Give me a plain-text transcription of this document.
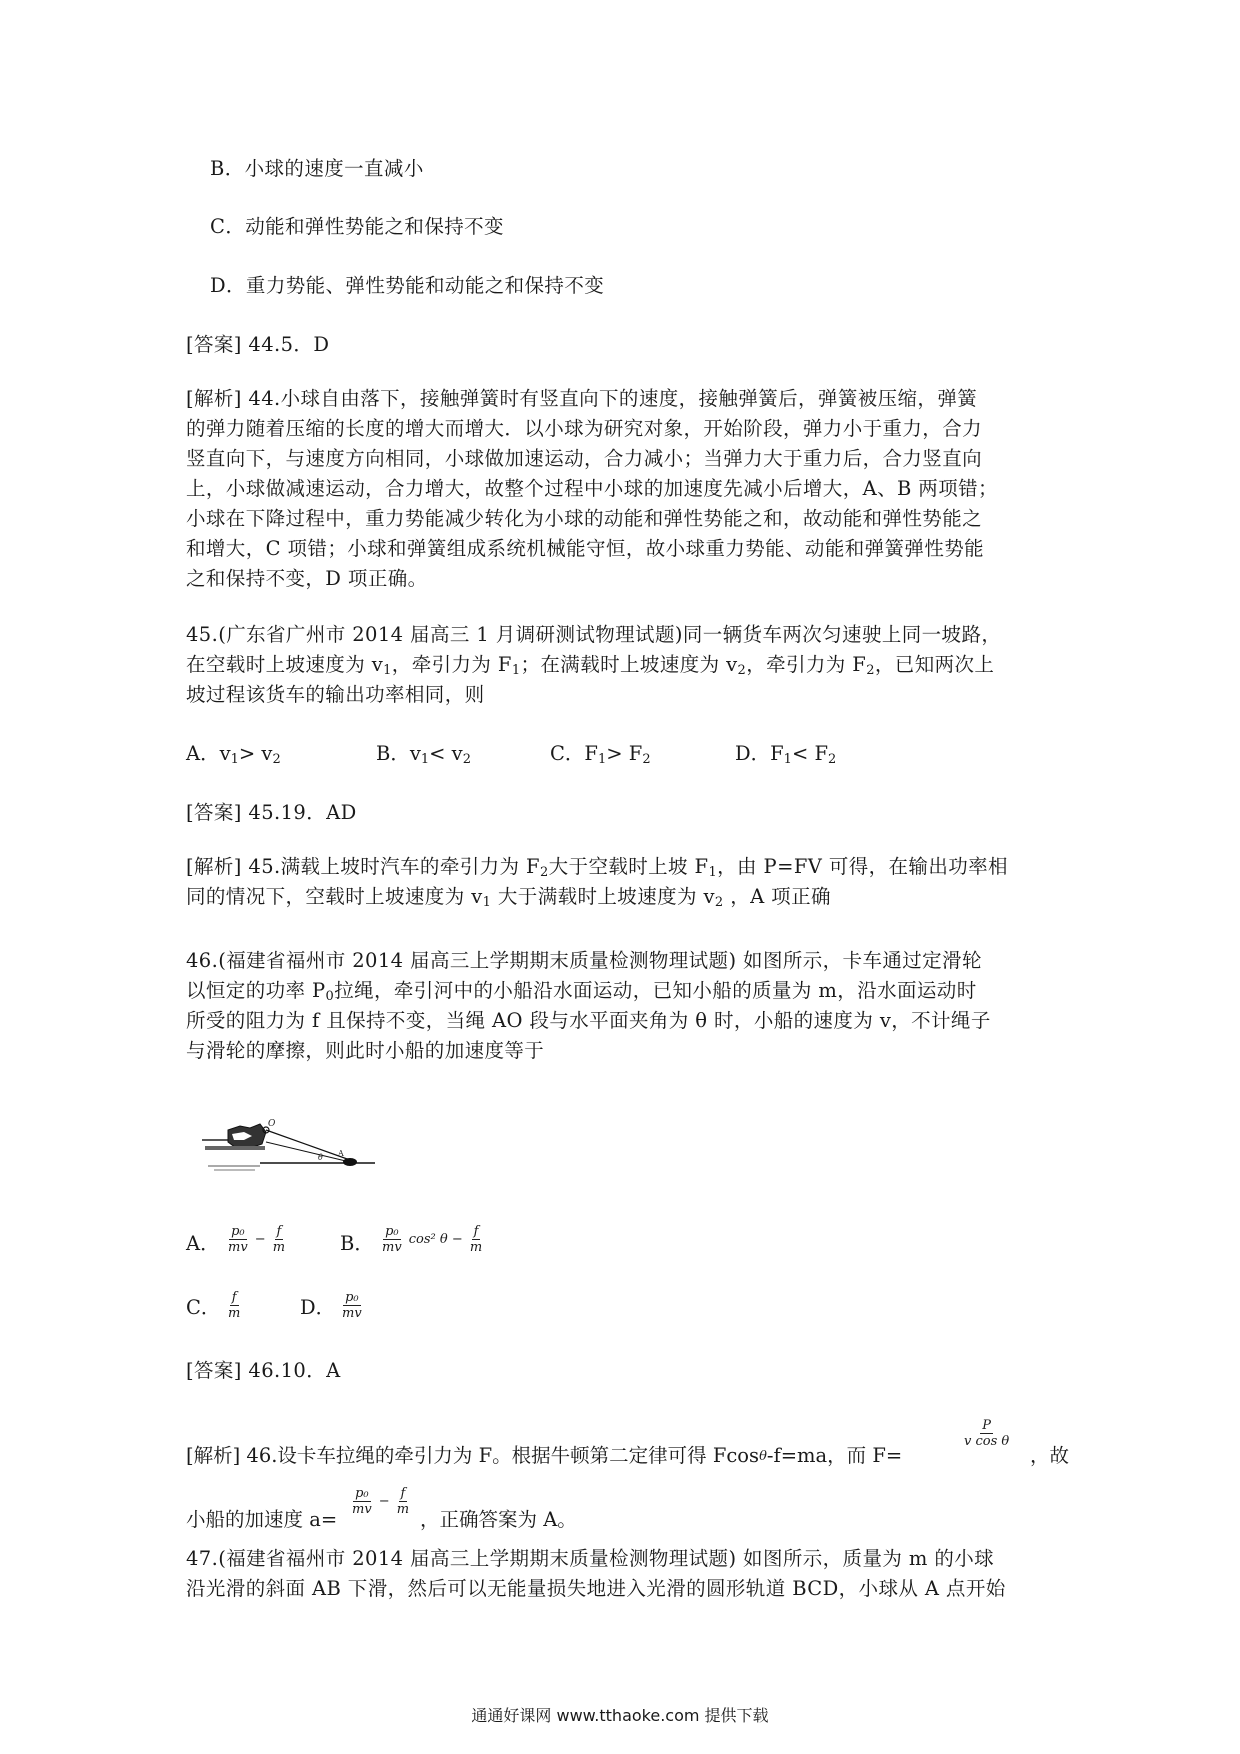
B．小球的速度一直减小
C．动能和弹性势能之和保持不变
D．重力势能、弹性势能和动能之和保持不变
[答案] 44.5．D
[解析] 44.小球自由落下，接触弹簧时有竖直向下的速度，接触弹簧后，弹簧被压缩，弹簧
的弹力随着压缩的长度的增大而增大．以小球为研究对象，开始阶段，弹力小于重力，合力
竖直向下，与速度方向相同，小球做加速运动，合力减小；当弹力大于重力后，合力竖直向
上，小球做减速运动，合力增大，故整个过程中小球的加速度先减小后增大，A、B 两项错；
小球在下降过程中，重力势能减少转化为小球的动能和弹性势能之和，故动能和弹性势能之
和增大，C 项错；小球和弹簧组成系统机械能守恒，故小球重力势能、动能和弹簧弹性势能
之和保持不变，D 项正确。
45.(广东省广州市 2014 届高三 1 月调研测试物理试题)同一辆货车两次匀速驶上同一坡路，
在空载时上坡速度为 $v_1$，牵引力为 $F_1$；在满载时上坡速度为 $v_2$，牵引力为 $F_2$，已知两次上
坡过程该货车的输出功率相同，则
A．$v_1> v_2$	B．$v_1< v_2$	C．$F_1> F_2$	D．$F_1< F_2$
[答案] 45.19．AD
[解析] 45.满载上坡时汽车的牵引力为 $F_2$大于空载时上坡 $F_1$，由 P=FV 可得，在输出功率相
同的情况下，空载时上坡速度为 $v_1$ 大于满载时上坡速度为 $v_2$ ，A 项正确
46.(福建省福州市 2014 届高三上学期期末质量检测物理试题) 如图所示，卡车通过定滑轮
以恒定的功率 $P_0$拉绳，牵引河中的小船沿水面运动，已知小船的质量为 m，沿水面运动时
所受的阻力为 f 且保持不变，当绳 AO 段与水平面夹角为 θ 时，小船的速度为 v，不计绳子
与滑轮的摩擦，则此时小船的加速度等于
O
A
θ
A． $\frac{\text{p₀}}{mv} - \frac{f}{m}$	B． $\frac{\text{p₀}}{mv} \cos^2$ $\theta - \frac{f}{m}$
C． $\frac{f}{m}$	D． $\frac{\text{p₀}}{mv}$
[答案] 46.10．A
[解析] 46.设卡车拉绳的牵引力为 F。根据牛顿第二定律可得 Fcosθ-f=ma，而 F=
$\frac{P}{\text{v cos θ}}$
，故
小船的加速度 a=
$\frac{\text{p₀}}{mv} - \frac{f}{m}$
，正确答案为 A。
47.(福建省福州市 2014 届高三上学期期末质量检测物理试题) 如图所示，质量为 m 的小球
沿光滑的斜面 AB 下滑，然后可以无能量损失地进入光滑的圆形轨道 BCD，小球从 A 点开始
通通好课网 www.tthaoke.com 提供下载
